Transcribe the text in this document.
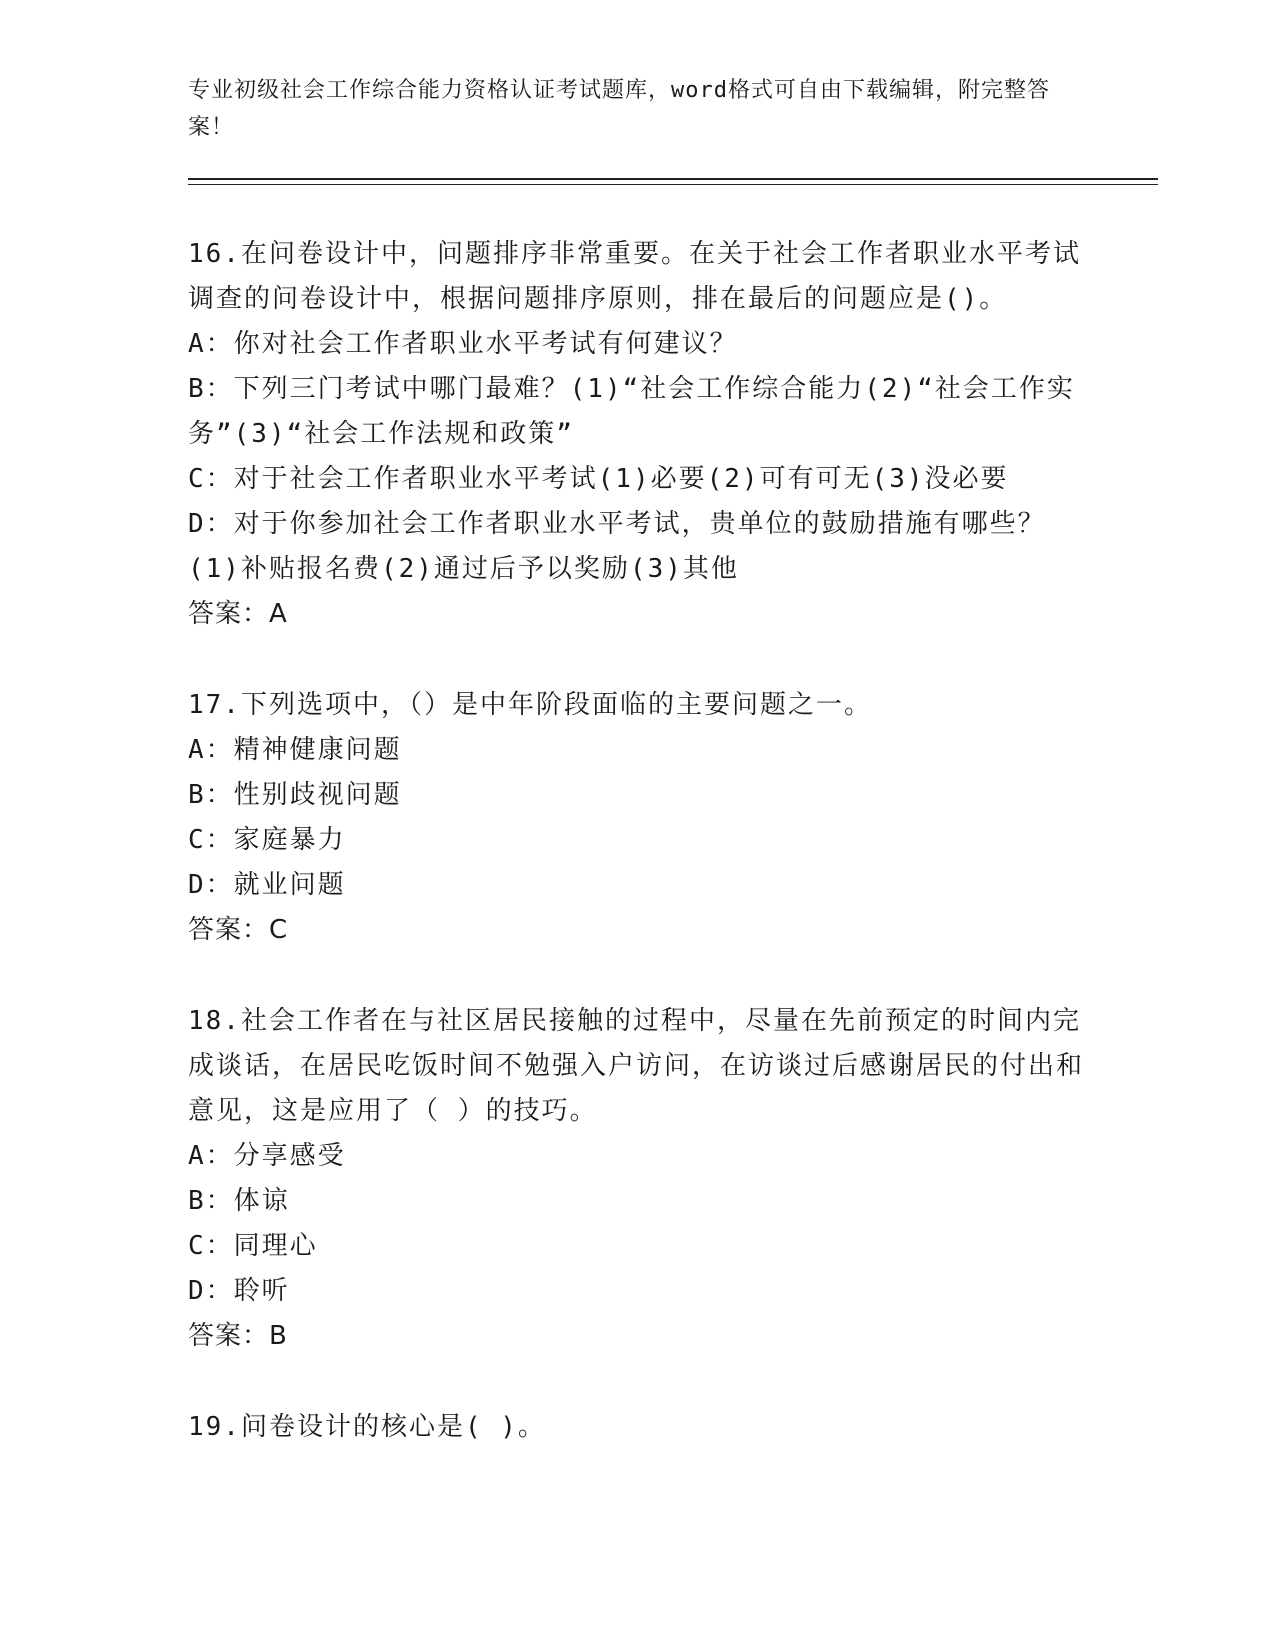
专业初级社会工作综合能力资格认证考试题库，word格式可自由下载编辑，附完整答案！

16.在问卷设计中，问题排序非常重要。在关于社会工作者职业水平考试调查的问卷设计中，根据问题排序原则，排在最后的问题应是()。

A：你对社会工作者职业水平考试有何建议？

B：下列三门考试中哪门最难？(1)“社会工作综合能力(2)“社会工作实务”(3)“社会工作法规和政策”

C：对于社会工作者职业水平考试(1)必要(2)可有可无(3)没必要

D：对于你参加社会工作者职业水平考试，贵单位的鼓励措施有哪些？(1)补贴报名费(2)通过后予以奖励(3)其他

答案：A

17.下列选项中，（）是中年阶段面临的主要问题之一。

A：精神健康问题

B：性别歧视问题

C：家庭暴力

D：就业问题

答案：C

18.社会工作者在与社区居民接触的过程中，尽量在先前预定的时间内完成谈话，在居民吃饭时间不勉强入户访问，在访谈过后感谢居民的付出和意见，这是应用了（ ）的技巧。

A：分享感受

B：体谅

C：同理心

D：聆听

答案：B

19.问卷设计的核心是( )。
